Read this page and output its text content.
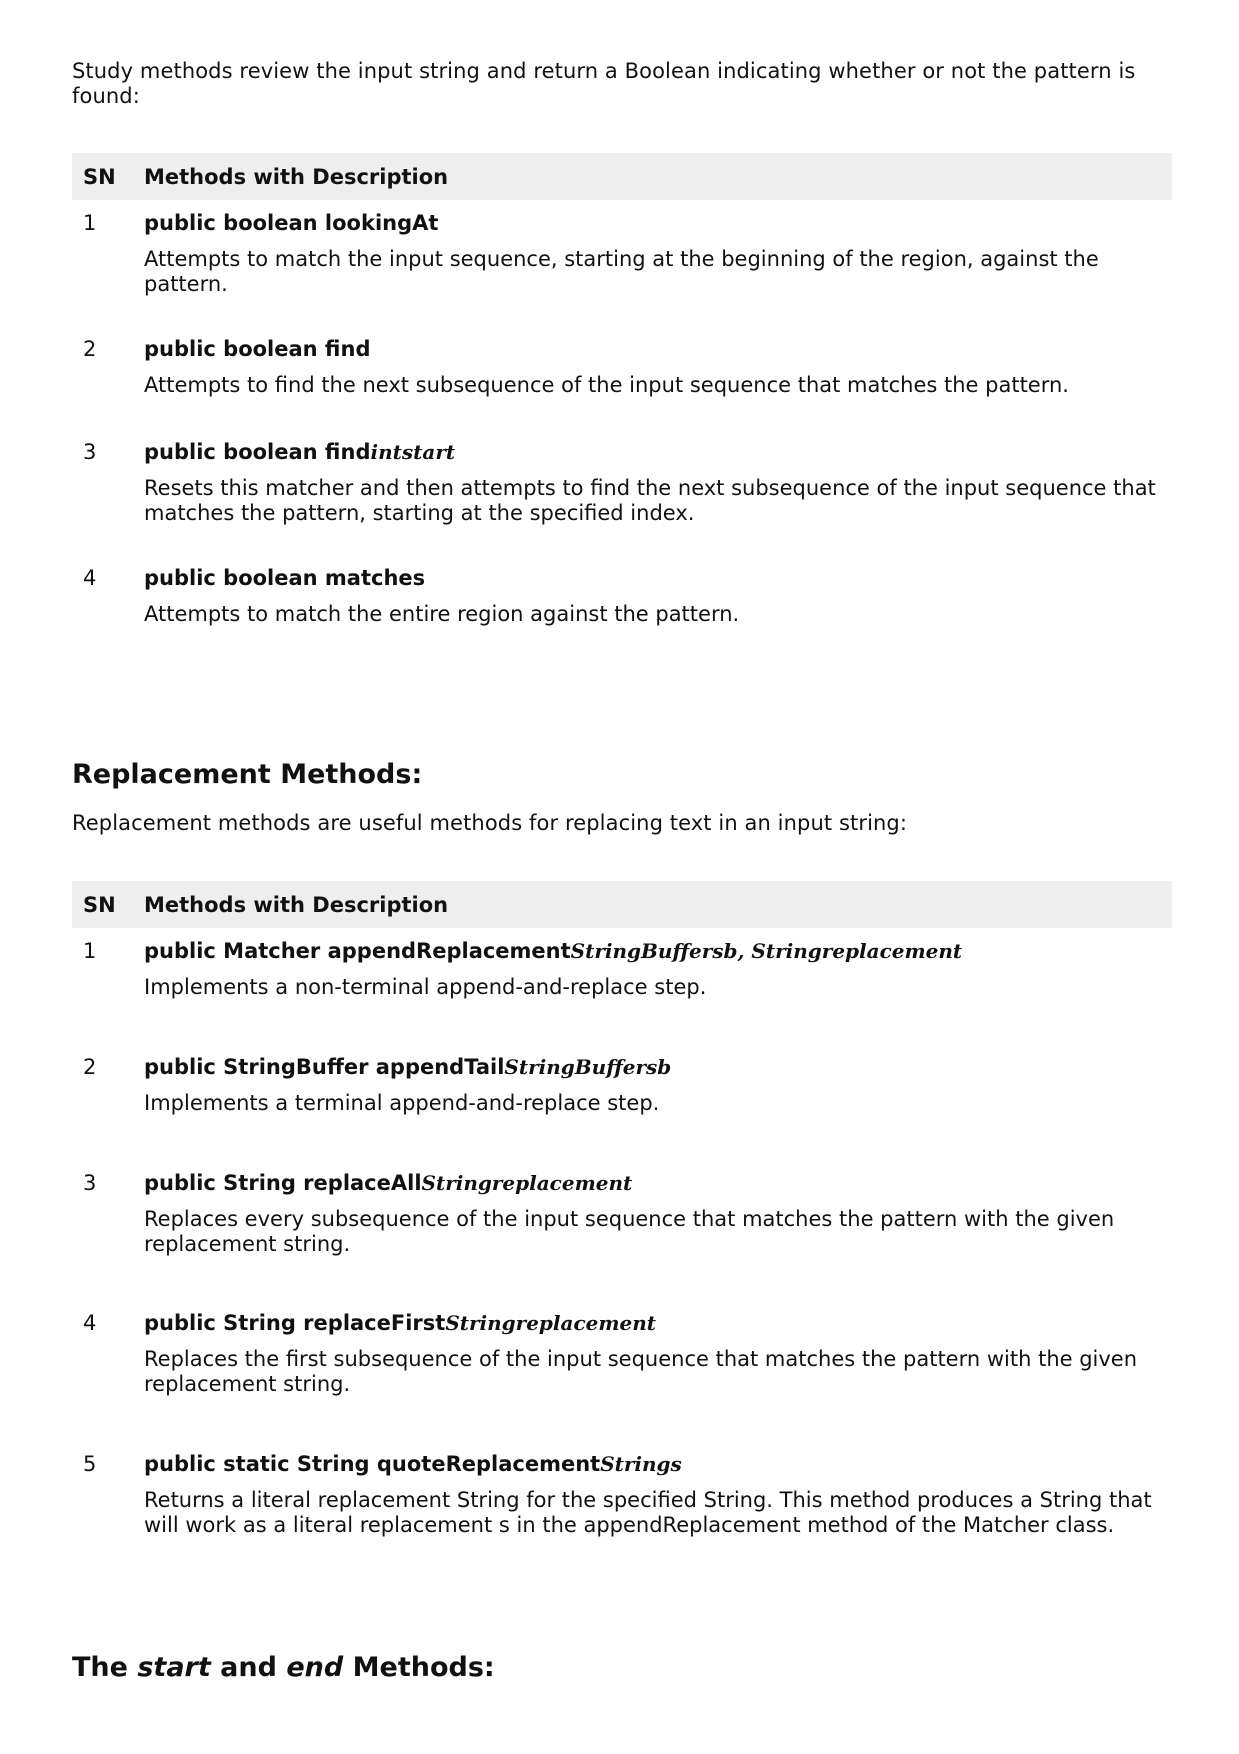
Study methods review the input string and return a Boolean indicating whether or not the pattern is found:

SN	Methods with Description
1	public boolean lookingAt

Attempts to match the input sequence, starting at the beginning of the region, against the pattern.

2	public boolean find

Attempts to find the next subsequence of the input sequence that matches the pattern.

3	public boolean findintstart

Resets this matcher and then attempts to find the next subsequence of the input sequence that matches the pattern, starting at the specified index.

4	public boolean matches

Attempts to match the entire region against the pattern.

Replacement Methods:

Replacement methods are useful methods for replacing text in an input string:

SN	Methods with Description
1	public Matcher appendReplacementStringBuffersb, Stringreplacement

Implements a non-terminal append-and-replace step.

2	public StringBuffer appendTailStringBuffersb

Implements a terminal append-and-replace step.

3	public String replaceAllStringreplacement

Replaces every subsequence of the input sequence that matches the pattern with the given replacement string.

4	public String replaceFirstStringreplacement

Replaces the first subsequence of the input sequence that matches the pattern with the given replacement string.

5	public static String quoteReplacementStrings

Returns a literal replacement String for the specified String. This method produces a String that will work as a literal replacement s in the appendReplacement method of the Matcher class.

The start and end Methods:
